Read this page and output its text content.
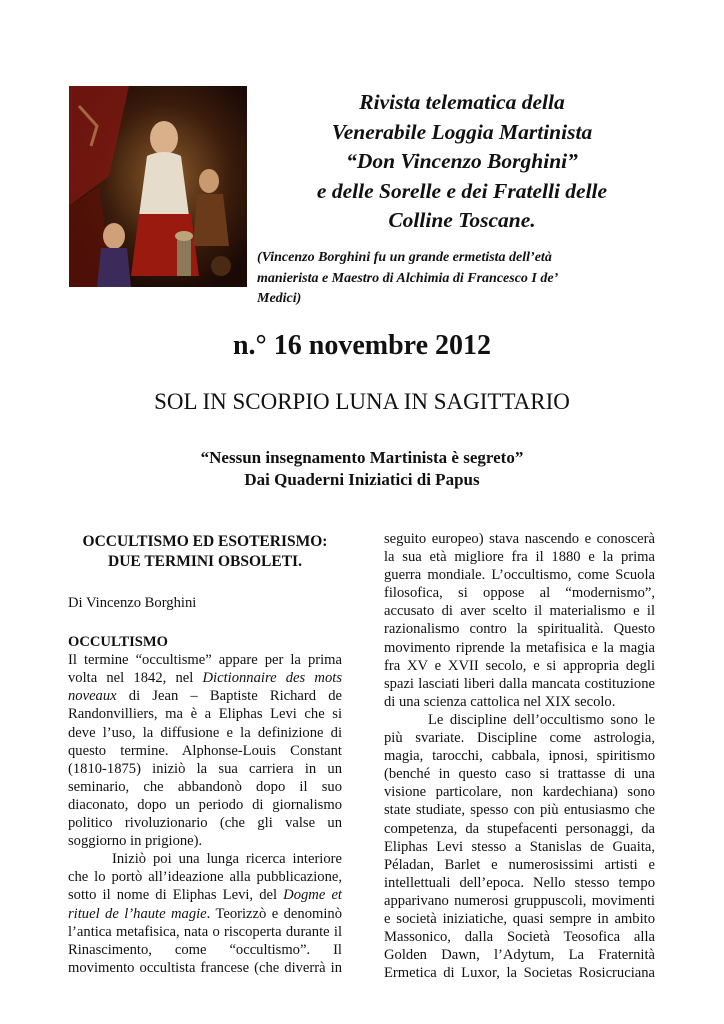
Rivista telematica della
Venerabile Loggia Martinista
“Don Vincenzo Borghini”
e delle Sorelle e dei Fratelli delle
Colline Toscane.
(Vincenzo Borghini fu un grande ermetista dell’età
manierista e Maestro di Alchimia di Francesco I de’
Medici)
n.° 16 novembre 2012
SOL IN SCORPIO LUNA IN SAGITTARIO
“Nessun insegnamento Martinista è segreto”
Dai Quaderni Iniziatici di Papus
OCCULTISMO ED ESOTERISMO:
DUE TERMINI OBSOLETI.
Di Vincenzo Borghini
OCCULTISMO
Il termine “occultisme” appare per la prima
volta nel 1842, nel Dictionnaire des mots
noveaux di Jean – Baptiste Richard de
Randonvilliers, ma è a Eliphas Levi che si
deve l’uso, la diffusione e la definizione di
questo termine. Alphonse-Louis Constant
(1810-1875) iniziò la sua carriera in un
seminario, che abbandonò dopo il suo
diaconato, dopo un periodo di giornalismo
politico rivoluzionario (che gli valse un
soggiorno in prigione).
Iniziò poi una lunga ricerca interiore
che lo portò all’ideazione alla pubblicazione,
sotto il nome di Eliphas Levi, del Dogme et
rituel de l’haute magie. Teorizzò e denominò
l’antica metafisica, nata o riscoperta durante il
Rinascimento, come “occultismo”. Il
movimento occultista francese (che diverrà in
seguito europeo) stava nascendo e conoscerà
la sua età migliore fra il 1880 e la prima
guerra mondiale. L’occultismo, come Scuola
filosofica, si oppose al “modernismo”,
accusato di aver scelto il materialismo e il
razionalismo contro la spiritualità. Questo
movimento riprende la metafisica e la magia
fra XV e XVII secolo, e si appropria degli
spazi lasciati liberi dalla mancata costituzione
di una scienza cattolica nel XIX secolo.
Le discipline dell’occultismo sono le
più svariate. Discipline come astrologia,
magia, tarocchi, cabbala, ipnosi, spiritismo
(benché in questo caso si trattasse di una
visione particolare, non kardechiana) sono
state studiate, spesso con più entusiasmo che
competenza, da stupefacenti personaggi, da
Eliphas Levi stesso a Stanislas de Guaita,
Péladan, Barlet e numerosissimi artisti e
intellettuali dell’epoca. Nello stesso tempo
apparivano numerosi gruppuscoli, movimenti
e società iniziatiche, quasi sempre in ambito
Massonico, dalla Società Teosofica alla
Golden Dawn, l’Adytum, La Fraternità
Ermetica di Luxor, la Societas Rosicruciana
